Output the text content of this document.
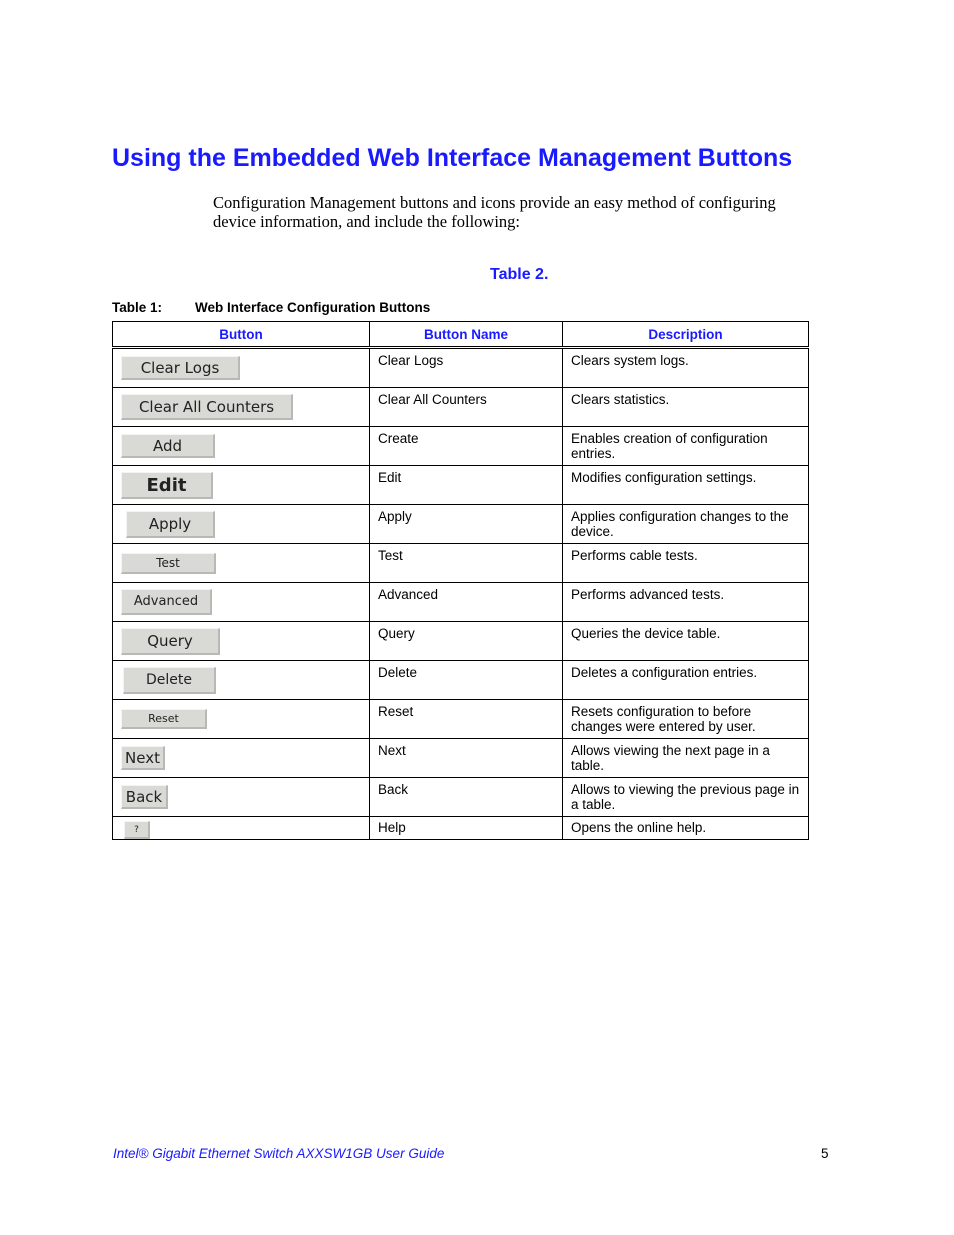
Using the Embedded Web Interface Management Buttons

Configuration Management buttons and icons provide an easy method of configuring device information, and include the following:

Table 2.
Table 1: Web Interface Configuration Buttons
Button	Button Name	Description
Clear Logs	Clear Logs	Clears system logs.
Clear All Counters	Clear All Counters	Clears statistics.
Add	Create	Enables creation of configuration entries.
Edit	Edit	Modifies configuration settings.
Apply	Apply	Applies configuration changes to the device.
Test	Test	Performs cable tests.
Advanced	Advanced	Performs advanced tests.
Query	Query	Queries the device table.
Delete	Delete	Deletes a configuration entries.
Reset	Reset	Resets configuration to before changes were entered by user.
Next	Next	Allows viewing the next page in a table.
Back	Back	Allows to viewing the previous page in a table.
?	Help	Opens the online help.
Intel® Gigabit Ethernet Switch AXXSW1GB User Guide	5
